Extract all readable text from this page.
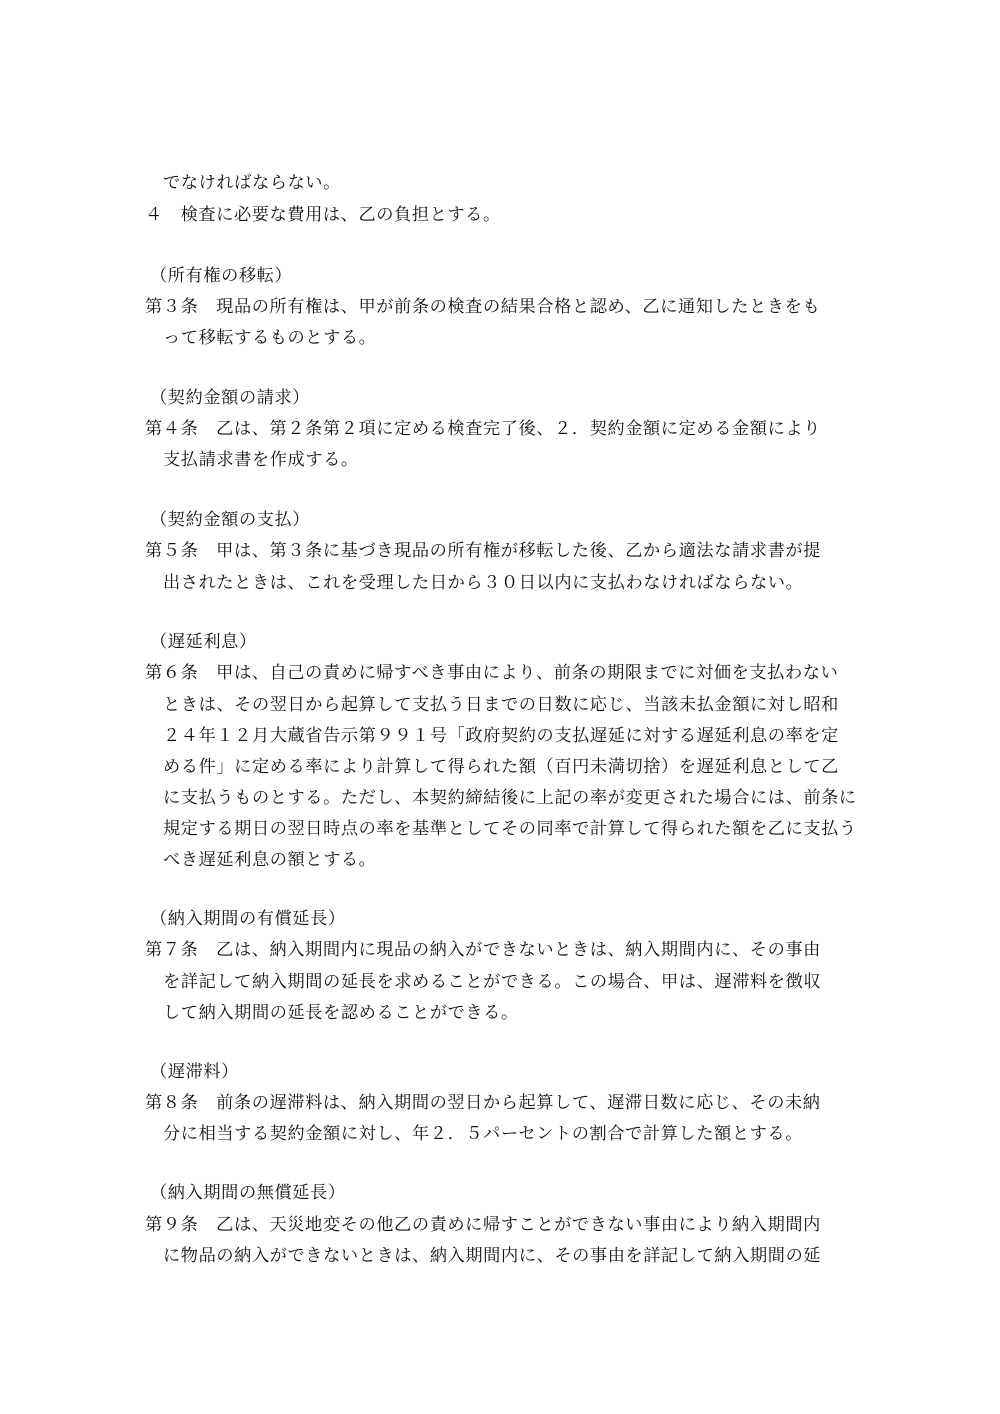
でなければならない。
４　検査に必要な費用は、乙の負担とする。
（所有権の移転）
第３条　現品の所有権は、甲が前条の検査の結果合格と認め、乙に通知したときをも
って移転するものとする。
（契約金額の請求）
第４条　乙は、第２条第２項に定める検査完了後、２．契約金額に定める金額により
支払請求書を作成する。
（契約金額の支払）
第５条　甲は、第３条に基づき現品の所有権が移転した後、乙から適法な請求書が提
出されたときは、これを受理した日から３０日以内に支払わなければならない。
（遅延利息）
第６条　甲は、自己の責めに帰すべき事由により、前条の期限までに対価を支払わない
ときは、その翌日から起算して支払う日までの日数に応じ、当該未払金額に対し昭和
２４年１２月大蔵省告示第９９１号「政府契約の支払遅延に対する遅延利息の率を定
める件」に定める率により計算して得られた額（百円未満切捨）を遅延利息として乙
に支払うものとする。ただし、本契約締結後に上記の率が変更された場合には、前条に
規定する期日の翌日時点の率を基準としてその同率で計算して得られた額を乙に支払う
べき遅延利息の額とする。
（納入期間の有償延長）
第７条　乙は、納入期間内に現品の納入ができないときは、納入期間内に、その事由
を詳記して納入期間の延長を求めることができる。この場合、甲は、遅滞料を徴収
して納入期間の延長を認めることができる。
（遅滞料）
第８条　前条の遅滞料は、納入期間の翌日から起算して、遅滞日数に応じ、その未納
分に相当する契約金額に対し、年２．５パーセントの割合で計算した額とする。
（納入期間の無償延長）
第９条　乙は、天災地変その他乙の責めに帰すことができない事由により納入期間内
に物品の納入ができないときは、納入期間内に、その事由を詳記して納入期間の延
